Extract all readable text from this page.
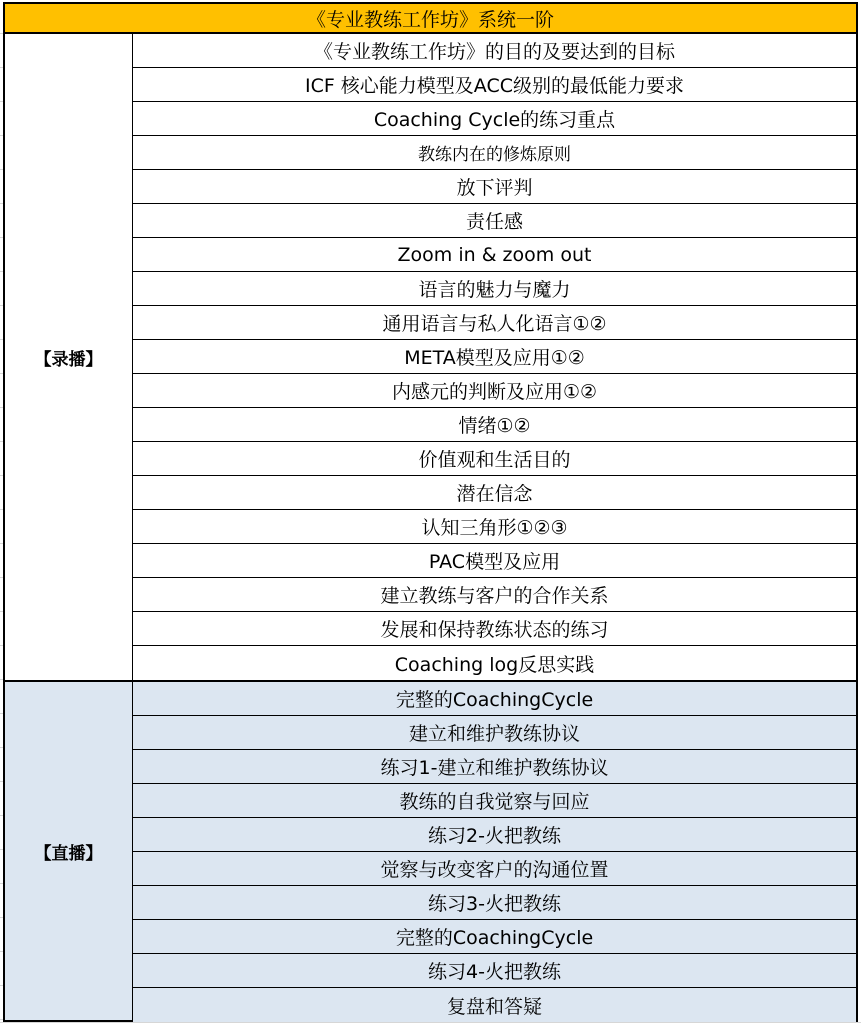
《专业教练工作坊》系统一阶
【录播】
《专业教练工作坊》的目的及要达到的目标
ICF 核心能力模型及ACC级别的最低能力要求
Coaching Cycle的练习重点
教练内在的修炼原则
放下评判
责任感
Zoom in & zoom out
语言的魅力与魔力
通用语言与私人化语言①②
META模型及应用①②
内感元的判断及应用①②
情绪①②
价值观和生活目的
潜在信念
认知三角形①②③
PAC模型及应用
建立教练与客户的合作关系
发展和保持教练状态的练习
Coaching log反思实践
【直播】
完整的CoachingCycle
建立和维护教练协议
练习1-建立和维护教练协议
教练的自我觉察与回应
练习2-火把教练
觉察与改变客户的沟通位置
练习3-火把教练
完整的CoachingCycle
练习4-火把教练
复盘和答疑
